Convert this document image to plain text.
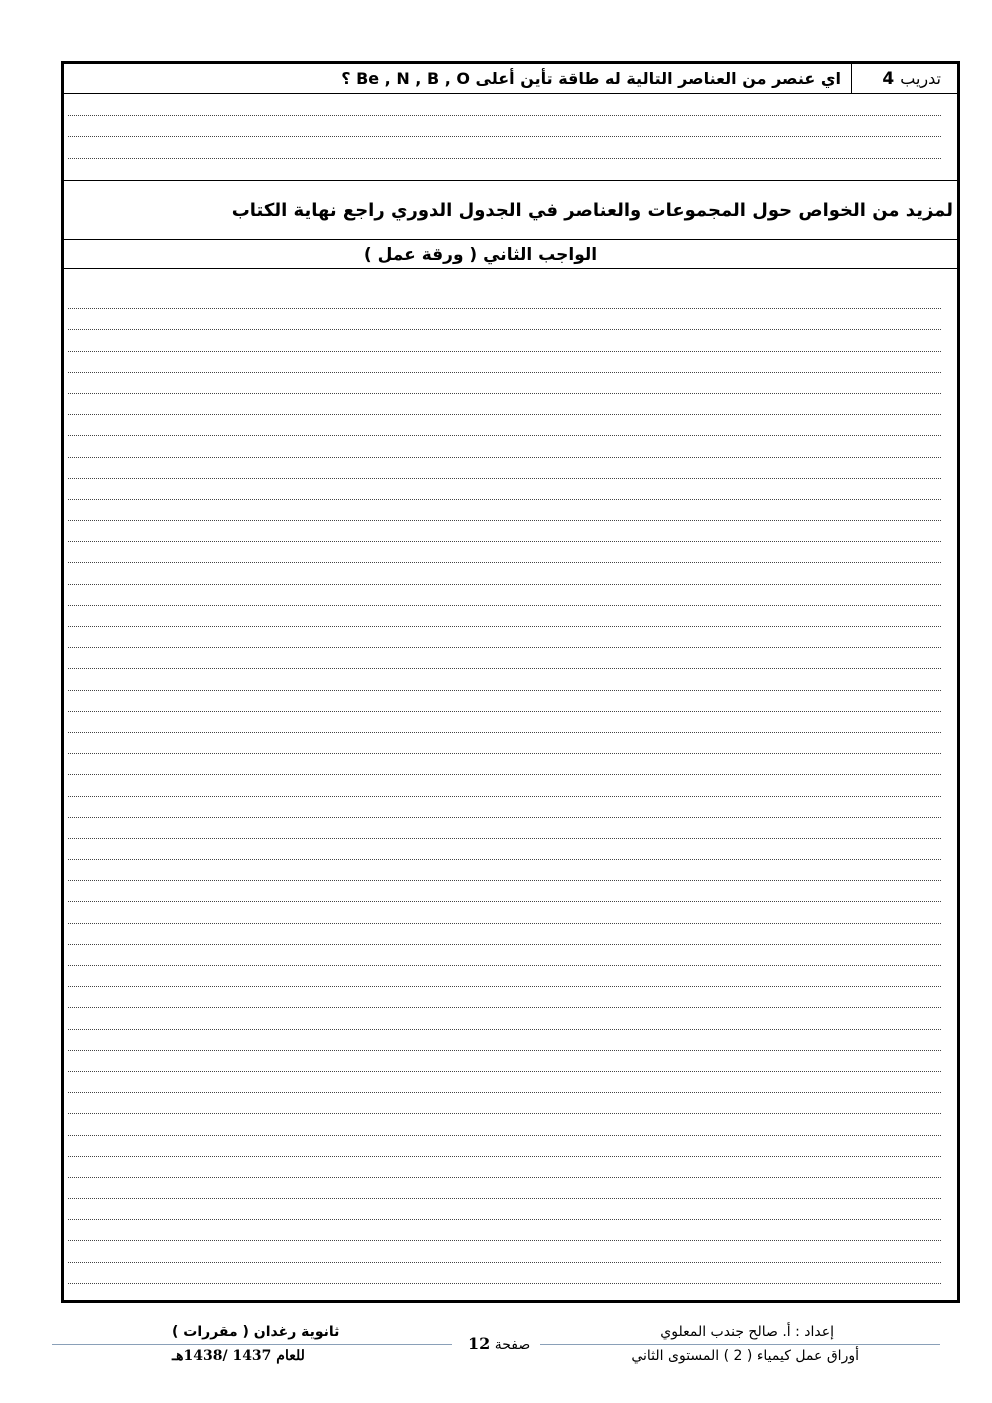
تدريب
4
اي عنصر من العناصر التالية له طاقة تأين أعلى Be , N , B , O ؟
لمزيد من الخواص حول المجموعات والعناصر في الجدول الدوري راجع نهاية الكتاب
الواجب الثاني ( ورقة عمل )
إعداد : أ. صالح جندب المعلوي
أوراق عمل كيمياء ( 2 ) المستوى الثاني
صفحة 12
ثانوية رغدان ( مقررات )
للعام 1437 /1438هـ
